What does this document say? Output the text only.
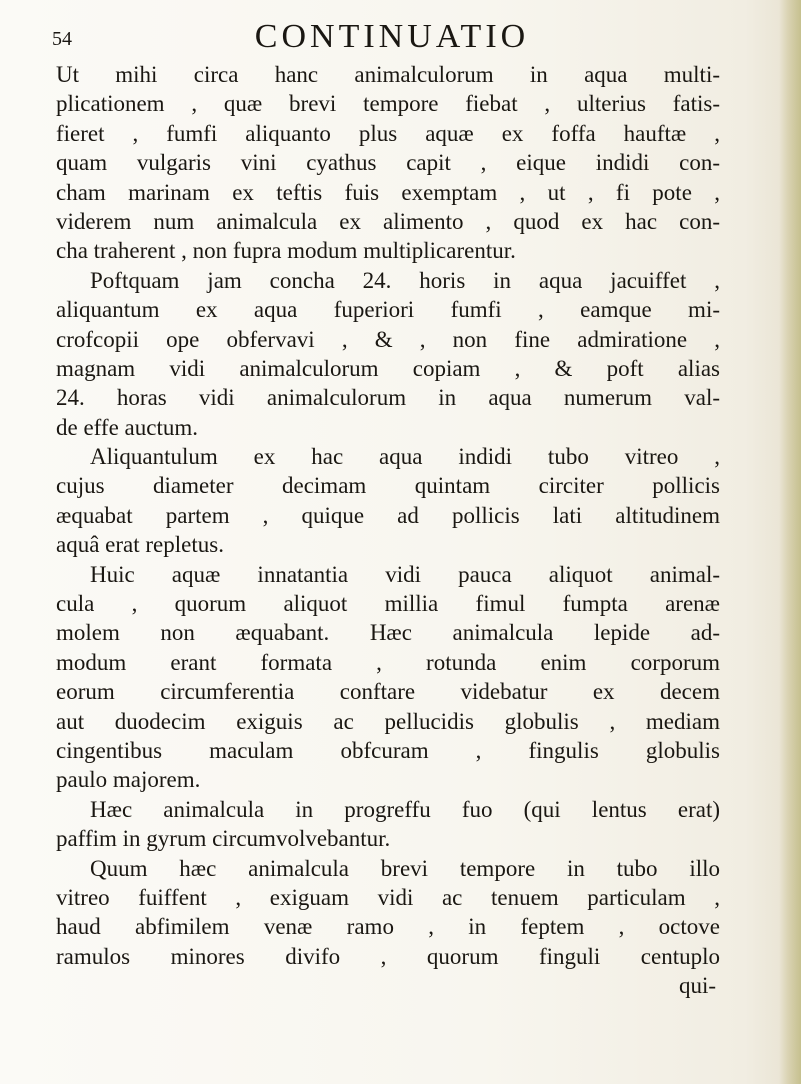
54	CONTINUATIO
Ut mihi circa hanc animalculorum in aqua multi-
plicationem , quæ brevi tempore fiebat , ulterius fatis-
fieret , fumfi aliquanto plus aquæ ex foffa hauftæ ,
quam vulgaris vini cyathus capit , eique indidi con-
cham marinam ex teftis fuis exemptam , ut , fi pote ,
viderem num animalcula ex alimento , quod ex hac con-
cha traherent , non fupra modum multiplicarentur.
Poftquam jam concha 24. horis in aqua jacuiffet ,
aliquantum ex aqua fuperiori fumfi , eamque mi-
crofcopii ope obfervavi , & , non fine admiratione ,
magnam vidi animalculorum copiam , & poft alias
24. horas vidi animalculorum in aqua numerum val-
de effe auctum.
Aliquantulum ex hac aqua indidi tubo vitreo ,
cujus diameter decimam quintam circiter pollicis
æquabat partem , quique ad pollicis lati altitudinem
aquâ erat repletus.
Huic aquæ innatantia vidi pauca aliquot animal-
cula , quorum aliquot millia fimul fumpta arenæ
molem non æquabant. Hæc animalcula lepide ad-
modum erant formata , rotunda enim corporum
eorum circumferentia conftare videbatur ex decem
aut duodecim exiguis ac pellucidis globulis , mediam
cingentibus maculam obfcuram , fingulis globulis
paulo majorem.
Hæc animalcula in progreffu fuo (qui lentus erat)
paffim in gyrum circumvolvebantur.
Quum hæc animalcula brevi tempore in tubo illo
vitreo fuiffent , exiguam vidi ac tenuem particulam ,
haud abfimilem venæ ramo , in feptem , octove
ramulos minores divifo , quorum finguli centuplo
qui-
